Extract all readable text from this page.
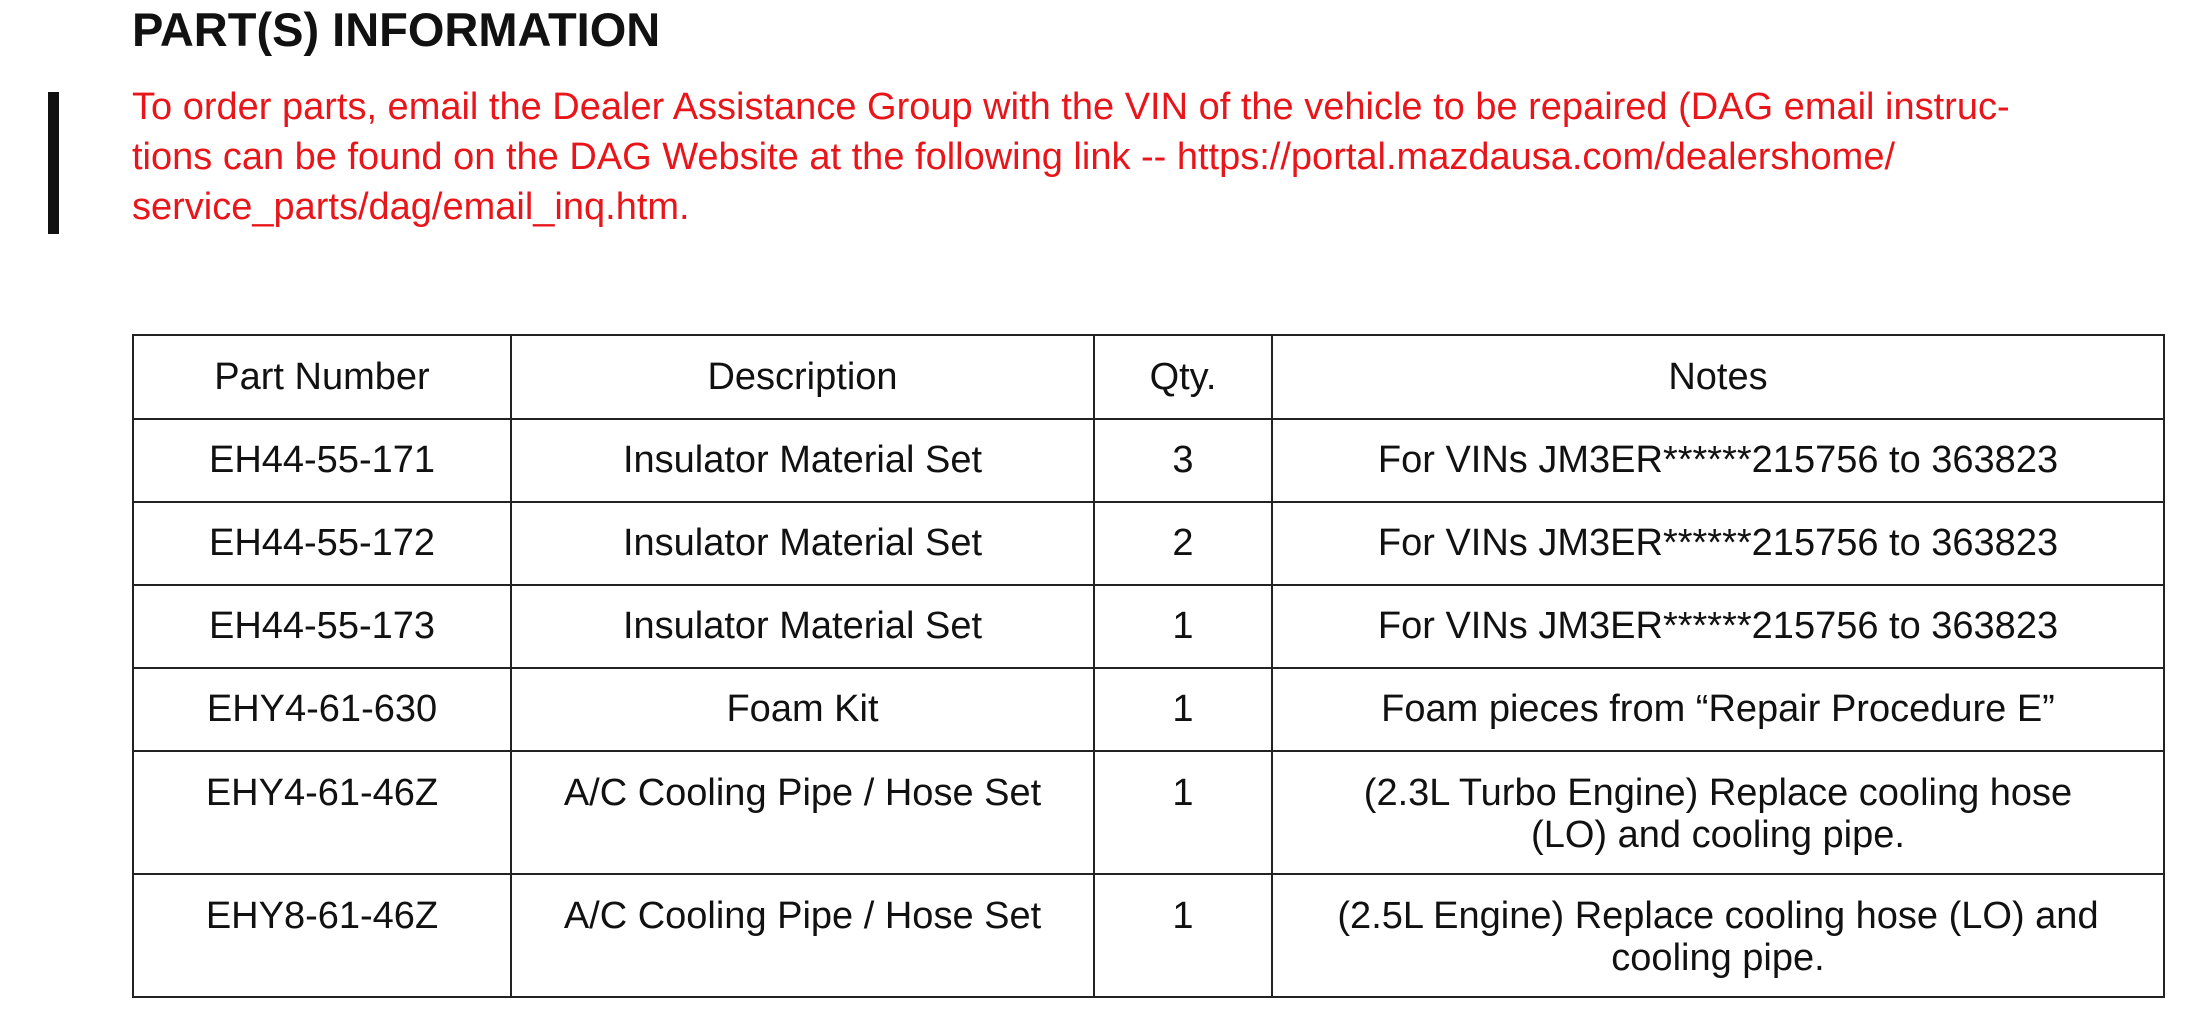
PART(S) INFORMATION
To order parts, email the Dealer Assistance Group with the VIN of the vehicle to be repaired (DAG email instruc-
tions can be found on the DAG Website at the following link -- https://portal.mazdausa.com/dealershome/
service_parts/dag/email_inq.htm.
Part Number	Description	Qty.	Notes
EH44-55-171	Insulator Material Set	3	For VINs JM3ER******215756 to 363823
EH44-55-172	Insulator Material Set	2	For VINs JM3ER******215756 to 363823
EH44-55-173	Insulator Material Set	1	For VINs JM3ER******215756 to 363823
EHY4-61-630	Foam Kit	1	Foam pieces from “Repair Procedure E”
EHY4-61-46Z	A/C Cooling Pipe / Hose Set	1	(2.3L Turbo Engine) Replace cooling hose
(LO) and cooling pipe.
EHY8-61-46Z	A/C Cooling Pipe / Hose Set	1	(2.5L Engine) Replace cooling hose (LO) and
cooling pipe.
